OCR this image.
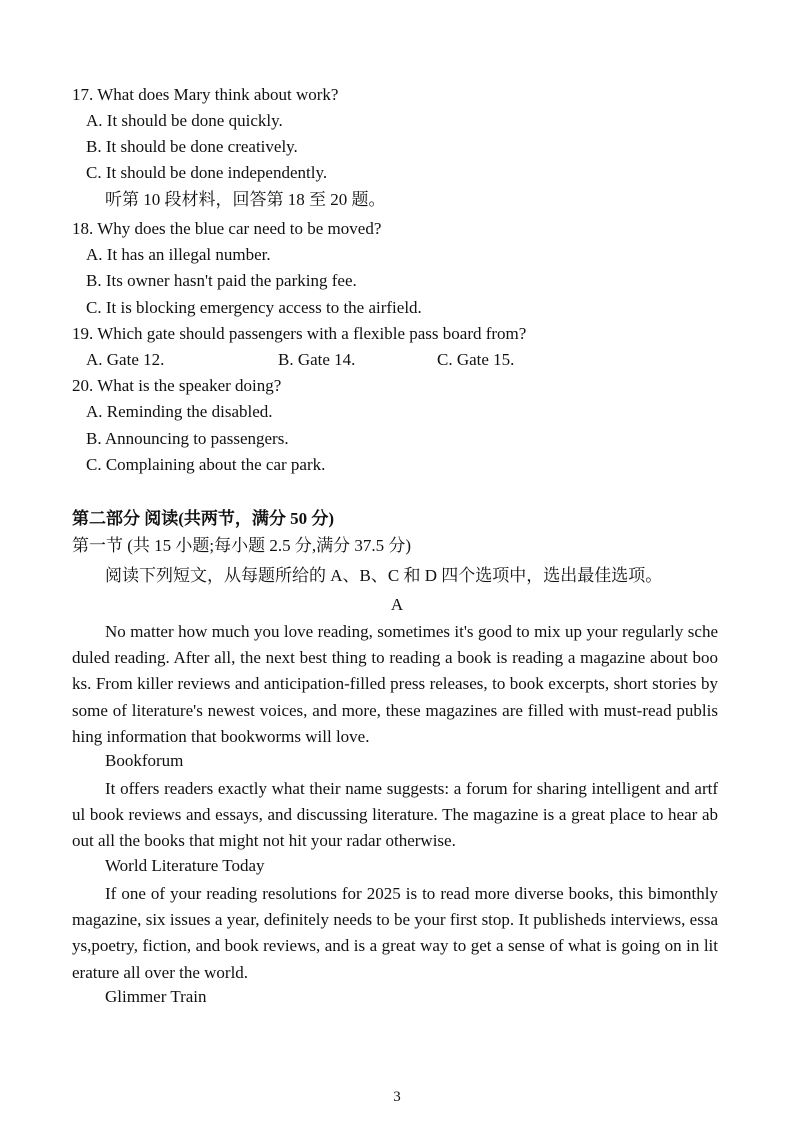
17. What does Mary think about work?
A. It should be done quickly.
B. It should be done creatively.
C. It should be done independently.
听第 10 段材料，回答第 18 至 20 题。
18. Why does the blue car need to be moved?
A. It has an illegal number.
B. Its owner hasn't paid the parking fee.
C. It is blocking emergency access to the airfield.
19. Which gate should passengers with a flexible pass board from?
A. Gate 12.	B. Gate 14.	C. Gate 15.
20. What is the speaker doing?
A. Reminding the disabled.
B. Announcing to passengers.
C. Complaining about the car park.
第二部分 阅读(共两节，满分 50 分)
第一节 (共 15 小题;每小题 2.5 分,满分 37.5 分)
阅读下列短文，从每题所给的 A、B、C 和 D 四个选项中，选出最佳选项。
A
No matter how much you love reading, sometimes it's good to mix up your regularly scheduled reading. After all, the next best thing to reading a book is reading a magazine about books. From killer reviews and anticipation-filled press releases, to book excerpts, short stories by some of literature's newest voices, and more, these magazines are filled with must-read publishing information that bookworms will love.
Bookforum
It offers readers exactly what their name suggests: a forum for sharing intelligent and artful book reviews and essays, and discussing literature. The magazine is a great place to hear about all the books that might not hit your radar otherwise.
World Literature Today
If one of your reading resolutions for 2025 is to read more diverse books, this bimonthly magazine, six issues a year, definitely needs to be your first stop. It publisheds interviews, essays,poetry, fiction, and book reviews, and is a great way to get a sense of what is going on in literature all over the world.
Glimmer Train
3
